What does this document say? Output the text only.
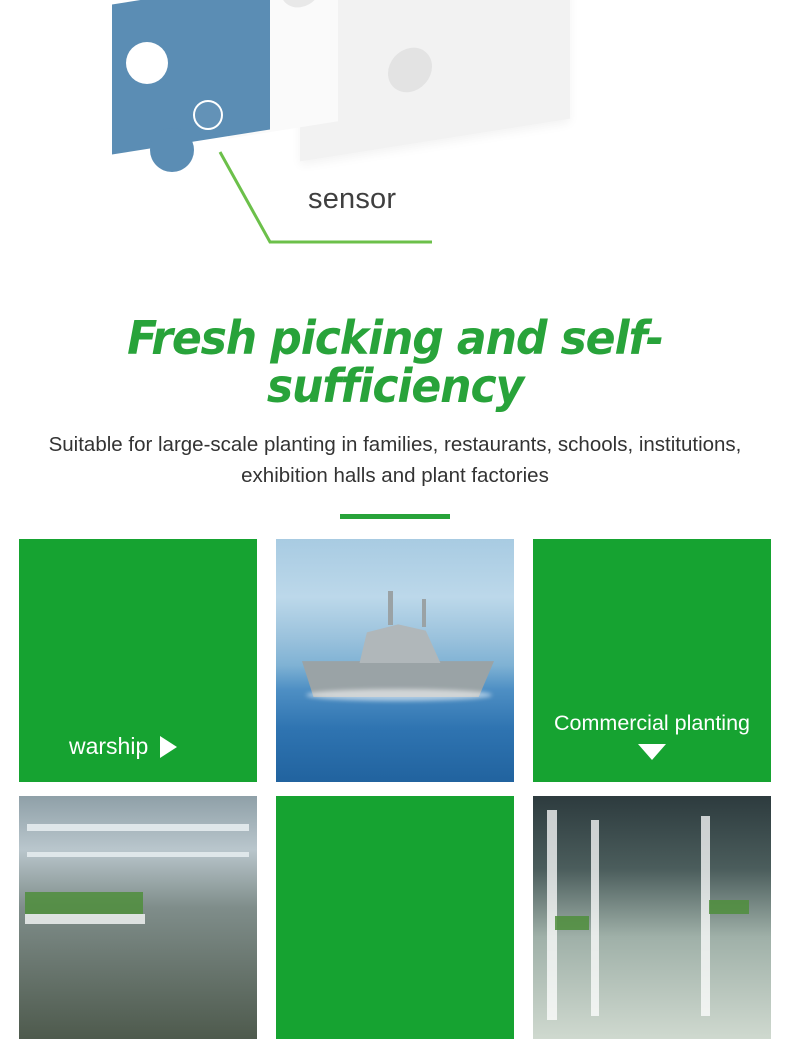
sensor
Fresh picking and self-sufficiency
Suitable for large-scale planting in families, restaurants, schools, institutions, exhibition halls and plant factories
warship
Commercial planting
